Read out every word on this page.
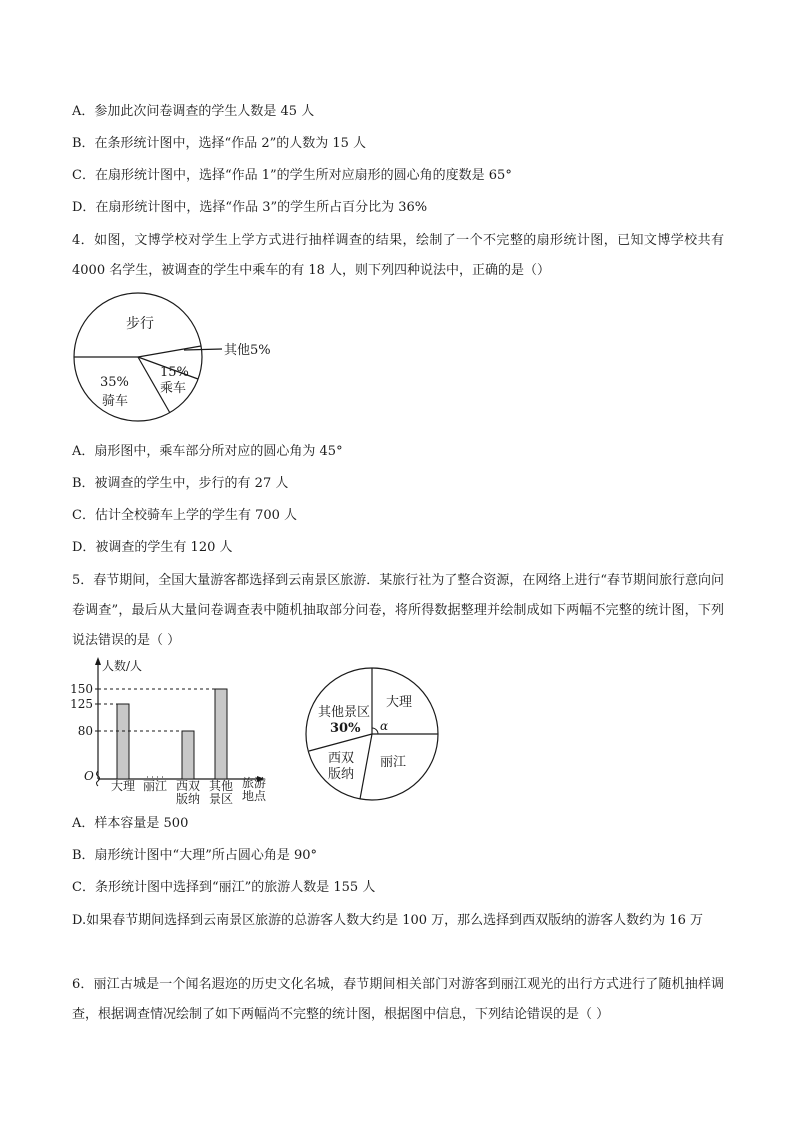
A．参加此次问卷调查的学生人数是 45 人
B．在条形统计图中，选择“作品 2”的人数为 15 人
C．在扇形统计图中，选择“作品 1”的学生所对应扇形的圆心角的度数是 65°
D．在扇形统计图中，选择“作品 3”的学生所占百分比为 36%
4．如图，文博学校对学生上学方式进行抽样调查的结果，绘制了一个不完整的扇形统计图，已知文博学校共有 4000 名学生，被调查的学生中乘车的有 18 人，则下列四种说法中，正确的是（）
步行
其他5%
15%
乘车
35%
骑车
A．扇形图中，乘车部分所对应的圆心角为 45°
B．被调查的学生中，步行的有 27 人
C．估计全校骑车上学的学生有 700 人
D．被调查的学生有 120 人
5．春节期间，全国大量游客都选择到云南景区旅游．某旅行社为了整合资源，在网络上进行“春节期间旅行意向问卷调查”，最后从大量问卷调查表中随机抽取部分问卷，将所得数据整理并绘制成如下两幅不完整的统计图，下列说法错误的是（ ）
人数/人
O	旅游
地点
大理 丽江 西双
版纳
其他
景区
80
125
150
α
大理
丽江
西双
版纳
其他景区
30%
A．样本容量是 500
B．扇形统计图中“大理”所占圆心角是 90°
C．条形统计图中选择到“丽江”的旅游人数是 155 人
D.如果春节期间选择到云南景区旅游的总游客人数大约是 100 万，那么选择到西双版纳的游客人数约为 16 万
6．丽江古城是一个闻名遐迩的历史文化名城，春节期间相关部门对游客到丽江观光的出行方式进行了随机抽样调查，根据调查情况绘制了如下两幅尚不完整的统计图，根据图中信息，下列结论错误的是（ ）
